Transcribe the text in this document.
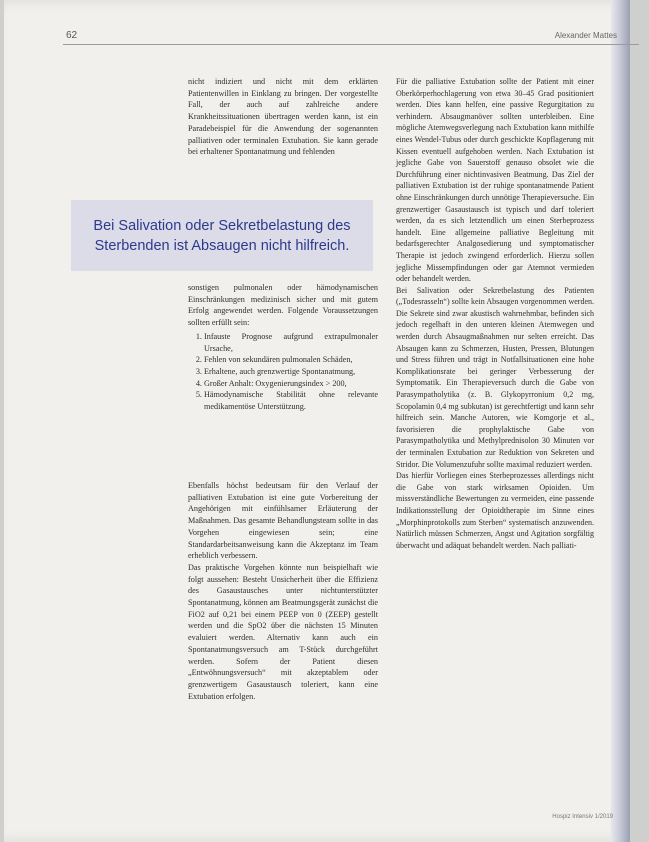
62	Alexander Mattes

nicht indiziert und nicht mit dem erklärten Patientenwillen in Einklang zu bringen. Der vorgestellte Fall, der auch auf zahlreiche andere Krankheitssituationen übertragen werden kann, ist ein Paradebeispiel für die Anwendung der sogenannten palliativen oder terminalen Extubation. Sie kann gerade bei erhaltener Spontanatmung und fehlenden

Bei Salivation oder Sekretbelastung des Sterbenden ist Absaugen nicht hilfreich.

sonstigen pulmonalen oder hämodynamischen Einschränkungen medizinisch sicher und mit gutem Erfolg angewendet werden. Folgende Voraussetzungen sollten erfüllt sein:

1. Infauste Prognose aufgrund extrapulmonaler Ursache,
2. Fehlen von sekundären pulmonalen Schäden,
3. Erhaltene, auch grenzwertige Spontanatmung,
4. Großer Anhalt: Oxygenierungsindex > 200,
5. Hämodynamische Stabilität ohne relevante medikamentöse Unterstützung.

Ebenfalls höchst bedeutsam für den Verlauf der palliativen Extubation ist eine gute Vorbereitung der Angehörigen mit einfühlsamer Erläuterung der Maßnahmen. Das gesamte Behandlungsteam sollte in das Vorgehen eingewiesen sein; eine Standardarbeitsanweisung kann die Akzeptanz im Team erheblich verbessern.

Das praktische Vorgehen könnte nun beispielhaft wie folgt aussehen: Besteht Unsicherheit über die Effizienz des Gasaustausches unter nichtunterstützter Spontanatmung, können am Beatmungsgerät zunächst die FiO2 auf 0,21 bei einem PEEP von 0 (ZEEP) gestellt werden und die SpO2 über die nächsten 15 Minuten evaluiert werden. Alternativ kann auch ein Spontanatmungsversuch am T-Stück durchgeführt werden. Sofern der Patient diesen „Entwöhnungsversuch“ mit akzeptablem oder grenzwertigem Gasaustausch toleriert, kann eine Extubation erfolgen.

Für die palliative Extubation sollte der Patient mit einer Oberkörperhochlagerung von etwa 30–45 Grad positioniert werden. Dies kann helfen, eine passive Regurgitation zu verhindern. Absaugmanöver sollten unterbleiben. Eine mögliche Atemwegsverlegung nach Extubation kann mithilfe eines Wendel-Tubus oder durch geschickte Kopflagerung mit Kissen eventuell aufgehoben werden. Nach Extubation ist jegliche Gabe von Sauerstoff genauso obsolet wie die Durchführung einer nichtinvasiven Beatmung. Das Ziel der palliativen Extubation ist der ruhige spontanatmende Patient ohne Einschränkungen durch unnötige Therapieversuche. Ein grenzwertiger Gasaustausch ist typisch und darf toleriert werden, da es sich letztendlich um einen Sterbeprozess handelt. Eine allgemeine palliative Begleitung mit bedarfsgerechter Analgosedierung und symptomatischer Therapie ist jedoch zwingend erforderlich. Hierzu sollen jegliche Missempfindungen oder gar Atemnot vermieden oder behandelt werden.

Bei Salivation oder Sekretbelastung des Patienten („Todesrasseln“) sollte kein Absaugen vorgenommen werden. Die Sekrete sind zwar akustisch wahrnehmbar, befinden sich jedoch regelhaft in den unteren kleinen Atemwegen und werden durch Absaugmaßnahmen nur selten erreicht. Das Absaugen kann zu Schmerzen, Husten, Pressen, Blutungen und Stress führen und trägt in Notfallsituationen eine hohe Komplikationsrate bei geringer Verbesserung der Symptomatik. Ein Therapieversuch durch die Gabe von Parasympatholytika (z. B. Glykopyrronium 0,2 mg, Scopolamin 0,4 mg subkutan) ist gerechtfertigt und kann sehr hilfreich sein. Manche Autoren, wie Komgorje et al., favorisieren die prophylaktische Gabe von Parasympatholytika und Methylprednisolon 30 Minuten vor der terminalen Extubation zur Reduktion von Sekreten und Stridor. Die Volumenzufuhr sollte maximal reduziert werden.

Das hierfür Vorliegen eines Sterbeprozesses allerdings nicht die Gabe von stark wirksamen Opioiden. Um missverständliche Bewertungen zu vermeiden, eine passende Indikationsstellung der Opioidtherapie im Sinne eines „Morphinprotokolls zum Sterben“ systematisch anzuwenden. Natürlich müssen Schmerzen, Angst und Agitation sorgfältig überwacht und adäquat behandelt werden. Nach palliati-

Hospiz Intensiv 1/2019
